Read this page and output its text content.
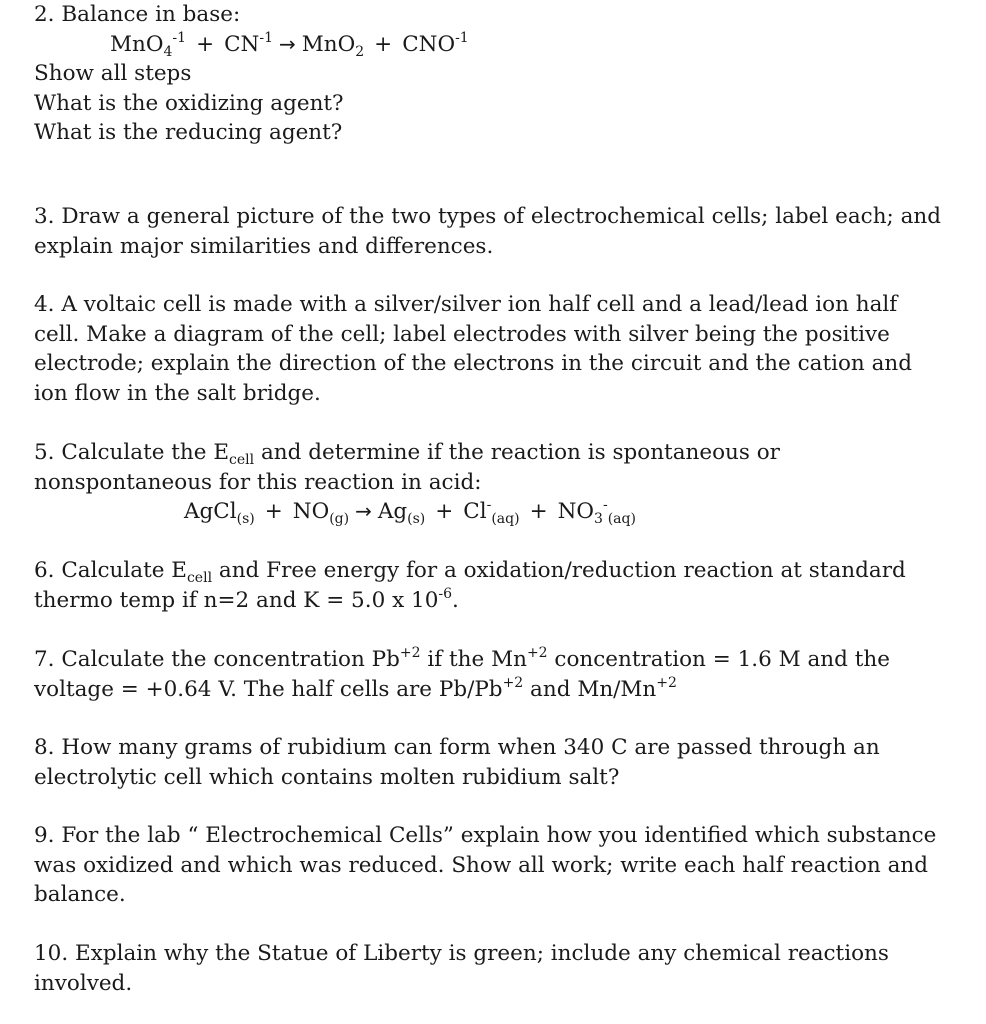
2. Balance in base:

$MnO_4^{-1} + CN^{-1} \to MnO_2 + CNO^{-1}$

Show all steps

What is the oxidizing agent?

What is the reducing agent?

3. Draw a general picture of the two types of electrochemical cells; label each; and explain major similarities and differences.

4. A voltaic cell is made with a silver/silver ion half cell and a lead/lead ion half cell. Make a diagram of the cell; label electrodes with silver being the positive electrode; explain the direction of the electrons in the circuit and the cation and ion flow in the salt bridge.

5. Calculate the $E_{cell}$ and determine if the reaction is spontaneous or nonspontaneous for this reaction in acid:

AgCl$_{(s)}$ + $NO_{(g)} \to Ag_{(s)} + Cl^-_{(aq)} + NO_3^-_{(aq)}$

6. Calculate $E_{cell}$ and Free energy for a oxidation/reduction reaction at standard thermo temp if n=2 and K = 5.0 x $10^{-6}$.

7. Calculate the concentration $Pb^{+2}$ if the $Mn^{+2}$ concentration = 1.6 M and the voltage = +0.64 V. The half cells are $Pb/Pb^{+2}$ and $Mn/Mn^{+2}$

8. How many grams of rubidium can form when 340 C are passed through an electrolytic cell which contains molten rubidium salt?

9. For the lab “ Electrochemical Cells” explain how you identified which substance was oxidized and which was reduced. Show all work; write each half reaction and balance.

10. Explain why the Statue of Liberty is green; include any chemical reactions involved.
